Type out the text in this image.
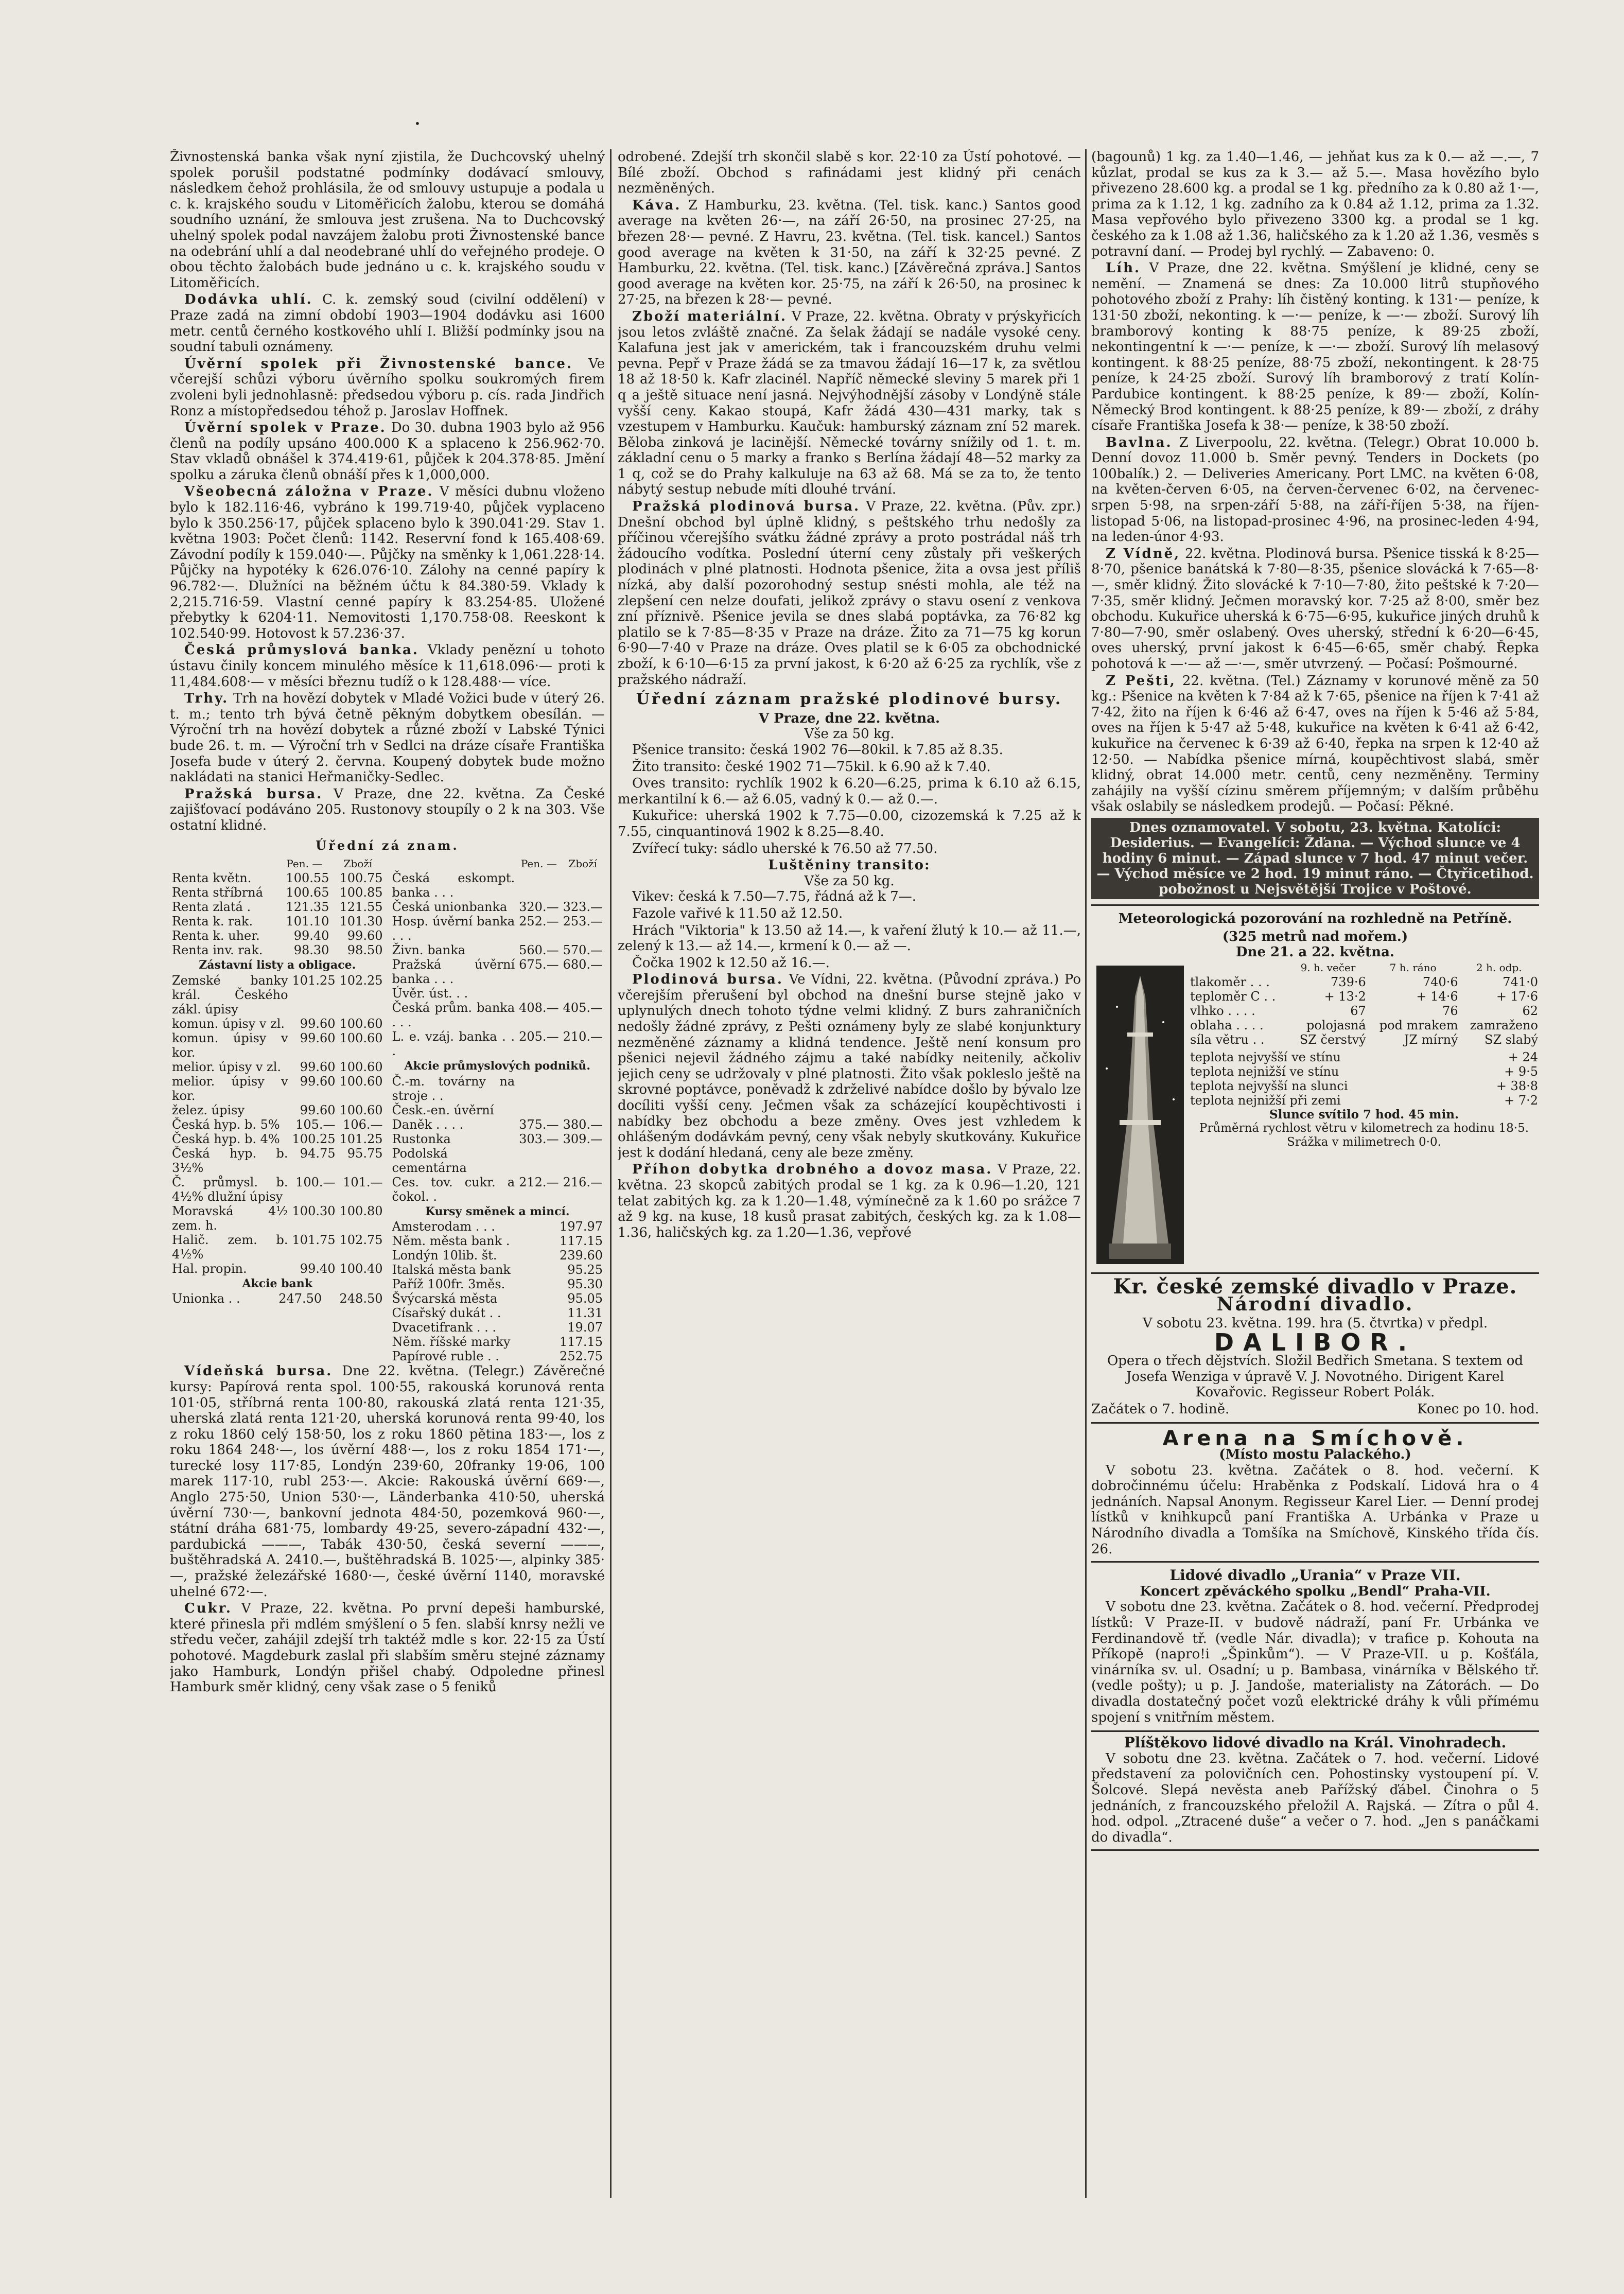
•

Živnostenská banka však nyní zjistila, že Duchcovský uhelný spolek porušil podstatné podmínky dodávací smlouvy, následkem čehož prohlásila, že od smlouvy ustupuje a podala u c. k. krajského soudu v Litoměřicích žalobu, kterou se domáhá soudního uznání, že smlouva jest zrušena. Na to Duchcovský uhelný spolek podal navzájem žalobu proti Živnostenské bance na odebrání uhlí a dal neodebrané uhlí do veřejného prodeje. O obou těchto žalobách bude jednáno u c. k. krajského soudu v Litoměřicích.

Dodávka uhlí. C. k. zemský soud (civilní oddělení) v Praze zadá na zimní období 1903—1904 dodávku asi 1600 metr. centů černého kostkového uhlí I. Bližší podmínky jsou na soudní tabuli oznámeny.

Úvěrní spolek při Živnostenské bance. Ve včerejší schůzi výboru úvěrního spolku soukromých firem zvoleni byli jednohlasně: předsedou výboru p. cís. rada Jindřich Ronz a místopředsedou téhož p. Jaroslav Hoffnek.

Úvěrní spolek v Praze. Do 30. dubna 1903 bylo až 956 členů na podíly upsáno 400.000 K a splaceno k 256.962·70. Stav vkladů obnášel k 374.419·61, půjček k 204.378·85. Jmění spolku a záruka členů obnáší přes k 1,000,000.

Všeobecná záložna v Praze. V měsíci dubnu vloženo bylo k 182.116·46, vybráno k 199.719·40, půjček vyplaceno bylo k 350.256·17, půjček splaceno bylo k 390.041·29. Stav 1. května 1903: Počet členů: 1142. Reservní fond k 165.408·69. Závodní podíly k 159.040·—. Půjčky na směnky k 1,061.228·14. Půjčky na hypotéky k 626.076·10. Zálohy na cenné papíry k 96.782·—. Dlužníci na běžném účtu k 84.380·59. Vklady k 2,215.716·59. Vlastní cenné papíry k 83.254·85. Uložené přebytky k 6204·11. Nemovitosti 1,170.758·08. Reeskont k 102.540·99. Hotovost k 57.236·37.

Česká průmyslová banka. Vklady penězní u tohoto ústavu činily koncem minulého měsíce k 11,618.096·— proti k 11,484.608·— v měsíci březnu tudíž o k 128.488·— více.

Trhy. Trh na hovězí dobytek v Mladé Vožici bude v úterý 26. t. m.; tento trh bývá četně pěkným dobytkem obesílán. — Výroční trh na hovězí dobytek a různé zboží v Labské Týnici bude 26. t. m. — Výroční trh v Sedlci na dráze císaře Františka Josefa bude v úterý 2. června. Koupený dobytek bude možno nakládati na stanici Heřmaničky-Sedlec.

Pražská bursa. V Praze, dne 22. května. Za České zajišťovací podáváno 205. Rustonovy stoupíly o 2 k na 303. Vše ostatní klidné.

Úřední zá znam.
	Pen. —	Zboží
Renta květn.	100.55	100.75
Renta stříbrná	100.65	100.85
Renta zlatá .	121.35	121.55
Renta k. rak.	101.10	101.30
Renta k. uher.	99.40	99.60
Renta inv. rak.	98.30	98.50
Zástavní listy a obligace.
Zemské banky král. Českého zákl. úpisy	101.25	102.25
komun. úpisy v zl.	99.60	100.60
komun. úpisy v kor.	99.60	100.60
melior. úpisy v zl.	99.60	100.60
melior. úpisy v kor.	99.60	100.60
želez. úpisy	99.60	100.60
Česká hyp. b. 5%	105.—	106.—
Česká hyp. b. 4%	100.25	101.25
Česká hyp. b. 3½%	94.75	95.75
Č. průmysl. b. 4½% dlužní úpisy	100.—	101.—
Moravská 4½ zem. h.	100.30	100.80
Halič. zem. b. 4½%	101.75	102.75
Hal. propin.	99.40	100.40
Akcie bank
Unionka . .	247.50	248.50
	Pen. —	Zboží
Česká eskompt. banka . . .		
Česká unionbanka	320.—	323.—
Hosp. úvěrní banka . . .	252.—	253.—
Živn. banka	560.—	570.—
Pražská úvěrní banka . . .	675.—	680.—
Úvěr. úst. . .		
Česká prům. banka . . .	408.—	405.—
L. e. vzáj. banka . . .	205.—	210.—
Akcie průmyslových podniků.
Č.-m. továrny na stroje . .		
Česk.-en. úvěrní		
Daněk . . . .	375.—	380.—
Rustonka	303.—	309.—
Podolská cementárna		
Ces. tov. cukr. a čokol. .	212.—	216.—
Kursy směnek a mincí.
Amsterodam . . .	197.97
Něm. města bank .	117.15
Londýn 10lib. št.	239.60
Italská města bank	95.25
Paříž 100fr. 3měs.	95.30
Švýcarská města	95.05
Císařský dukát . .	11.31
Dvacetifrank . . .	19.07
Něm. říšské marky	117.15
Papírové ruble . .	252.75

Vídeňská bursa. Dne 22. května. (Telegr.) Závěrečné kursy: Papírová renta spol. 100·55, rakouská korunová renta 101·05, stříbrná renta 100·80, rakouská zlatá renta 121·35, uherská zlatá renta 121·20, uherská korunová renta 99·40, los z roku 1860 celý 158·50, los z roku 1860 pětina 183·—, los z roku 1864 248·—, los úvěrní 488·—, los z roku 1854 171·—, turecké losy 117·85, Londýn 239·60, 20franky 19·06, 100 marek 117·10, rubl 253·—. Akcie: Rakouská úvěrní 669·—, Anglo 275·50, Union 530·—, Länderbanka 410·50, uherská úvěrní 730·—, bankovní jednota 484·50, pozemková 960·—, státní dráha 681·75, lombardy 49·25, severo-západní 432·—, pardubická ———, Tabák 430·50, česká severní ———, buštěhradská A. 2410.—, buštěhradská B. 1025·—, alpinky 385·—, pražské železářské 1680·—, české úvěrní 1140, moravské uhelné 672·—.

Cukr. V Praze, 22. května. Po první depeši hamburské, které přinesla při mdlém smýšlení o 5 fen. slabší knrsy nežli ve středu večer, zahájil zdejší trh taktéž mdle s kor. 22·15 za Ústí pohotové. Magdeburk zaslal při slabším směru stejné záznamy jako Hamburk, Londýn přišel chabý. Odpoledne přinesl Hamburk směr klidný, ceny však zase o 5 feniků

odrobené. Zdejší trh skončil slabě s kor. 22·10 za Ústí pohotové. — Bílé zboží. Obchod s rafinádami jest klidný při cenách nezměněných.

Káva. Z Hamburku, 23. května. (Tel. tisk. kanc.) Santos good average na květen 26·—, na září 26·50, na prosinec 27·25, na březen 28·— pevné. Z Havru, 23. května. (Tel. tisk. kancel.) Santos good average na květen k 31·50, na září k 32·25 pevné. Z Hamburku, 22. května. (Tel. tisk. kanc.) [Závěrečná zpráva.] Santos good average na květen kor. 25·75, na září k 26·50, na prosinec k 27·25, na březen k 28·— pevné.

Zboží materiální. V Praze, 22. května. Obraty v prýskyřicích jsou letos zvláště značné. Za šelak žádají se nadále vysoké ceny. Kalafuna jest jak v americkém, tak i francouzském druhu velmi pevna. Pepř v Praze žádá se za tmavou žádají 16—17 k, za světlou 18 až 18·50 k. Kafr zlacinél. Napříč německé sleviny 5 marek při 1 q a ještě situace není jasná. Nejvýhodnější zásoby v Londýně stále vyšší ceny. Kakao stoupá, Kafr žádá 430—431 marky, tak s vzestupem v Hamburku. Kaučuk: hamburský záznam zní 52 marek. Běloba zinková je lacinější. Německé továrny snížily od 1. t. m. základní cenu o 5 marky a franko s Berlína žádají 48—52 marky za 1 q, což se do Prahy kalkuluje na 63 až 68. Má se za to, že tento nábytý sestup nebude míti dlouhé trvání.

Pražská plodinová bursa. V Praze, 22. května. (Pův. zpr.) Dnešní obchod byl úplně klidný, s peštského trhu nedošly za příčinou včerejšího svátku žádné zprávy a proto postrádal náš trh žádoucího vodítka. Poslední úterní ceny zůstaly při veškerých plodinách v plné platnosti. Hodnota pšenice, žita a ovsa jest příliš nízká, aby další pozorohodný sestup snésti mohla, ale též na zlepšení cen nelze doufati, jelikož zprávy o stavu osení z venkova zní příznivě. Pšenice jevila se dnes slabá poptávka, za 76·82 kg platilo se k 7·85—8·35 v Praze na dráze. Žito za 71—75 kg korun 6·90—7·40 v Praze na dráze. Oves platil se k 6·05 za obchodnické zboží, k 6·10—6·15 za první jakost, k 6·20 až 6·25 za rychlík, vše z pražského nádraží.

Úřední záznam pražské plodinové bursy.
V Praze, dne 22. května.
Vše za 50 kg.

Pšenice transito: česká 1902 76—80kil. k 7.85 až 8.35.

Žito transito: české 1902 71—75kil. k 6.90 až k 7.40.

Oves transito: rychlík 1902 k 6.20—6.25, prima k 6.10 až 6.15, merkantilní k 6.— až 6.05, vadný k 0.— až 0.—.

Kukuřice: uherská 1902 k 7.75—0.00, cizozemská k 7.25 až k 7.55, cinquantinová 1902 k 8.25—8.40.

Zvířecí tuky: sádlo uherské k 76.50 až 77.50.

Luštěniny transito:
Vše za 50 kg.

Vikev: česká k 7.50—7.75, řádná až k 7—.

Fazole vařivé k 11.50 až 12.50.

Hrách "Viktoria" k 13.50 až 14.—, k vaření žlutý k 10.— až 11.—, zelený k 13.— až 14.—, krmení k 0.— až —.

Čočka 1902 k 12.50 až 16.—.

Plodinová bursa. Ve Vídni, 22. května. (Původní zpráva.) Po včerejším přerušení byl obchod na dnešní burse stejně jako v uplynulých dnech tohoto týdne velmi klidný. Z burs zahraničních nedošly žádné zprávy, z Pešti oznámeny byly ze slabé konjunktury nezměněné záznamy a klidná tendence. Ještě není konsum pro pšenici nejevil žádného zájmu a také nabídky neitenily, ačkoliv jejich ceny se udržovaly v plné platnosti. Žito však pokleslo ještě na skrovné poptávce, poněvadž k zdrželivé nabídce došlo by bývalo lze docíliti vyšší ceny. Ječmen však za scházející koupěchtivosti i nabídky bez obchodu a beze změny. Oves jest vzhledem k ohlášeným dodávkám pevný, ceny však nebyly skutkovány. Kukuřice jest k dodání hledaná, ceny ale beze změny.

Příhon dobytka drobného a dovoz masa. V Praze, 22. května. 23 skopců zabitých prodal se 1 kg. za k 0.96—1.20, 121 telat zabitých kg. za k 1.20—1.48, výmínečně za k 1.60 po srážce 7 až 9 kg. na kuse, 18 kusů prasat zabitých, českých kg. za k 1.08—1.36, haličských kg. za 1.20—1.36, vepřové

(bagounů) 1 kg. za 1.40—1.46, — jehňat kus za k 0.— až —.—, 7 kůzlat, prodal se kus za k 3.— až 5.—. Masa hovězího bylo přivezeno 28.600 kg. a prodal se 1 kg. předního za k 0.80 až 1·—, prima za k 1.12, 1 kg. zadního za k 0.84 až 1.12, prima za 1.32. Masa vepřového bylo přivezeno 3300 kg. a prodal se 1 kg. českého za k 1.08 až 1.36, haličského za k 1.20 až 1.36, vesměs s potravní daní. — Prodej byl rychlý. — Zabaveno: 0.

Líh. V Praze, dne 22. května. Smýšlení je klidné, ceny se nemění. — Znamená se dnes: Za 10.000 litrů stupňového pohotového zboží z Prahy: líh čistěný konting. k 131·— peníze, k 131·50 zboží, nekonting. k —·— peníze, k —·— zboží. Surový líh bramborový konting k 88·75 peníze, k 89·25 zboží, nekontingentní k —·— peníze, k —·— zboží. Surový líh melasový kontingent. k 88·25 peníze, 88·75 zboží, nekontingent. k 28·75 peníze, k 24·25 zboží. Surový líh bramborový z tratí Kolín-Pardubice kontingent. k 88·25 peníze, k 89·— zboží, Kolín-Německý Brod kontingent. k 88·25 peníze, k 89·— zboží, z dráhy císaře Františka Josefa k 38·— peníze, k 38·50 zboží.

Bavlna. Z Liverpoolu, 22. května. (Telegr.) Obrat 10.000 b. Denní dovoz 11.000 b. Směr pevný. Tenders in Dockets (po 100balík.) 2. — Deliveries Americany. Port LMC. na květen 6·08, na květen-červen 6·05, na červen-červenec 6·02, na červenec-srpen 5·98, na srpen-září 5·88, na září-říjen 5·38, na říjen-listopad 5·06, na listopad-prosinec 4·96, na prosinec-leden 4·94, na leden-únor 4·93.

Z Vídně, 22. května. Plodinová bursa. Pšenice tisská k 8·25—8·70, pšenice banátská k 7·80—8·35, pšenice slovácká k 7·65—8·—, směr klidný. Žito slovácké k 7·10—7·80, žito peštské k 7·20—7·35, směr klidný. Ječmen moravský kor. 7·25 až 8·00, směr bez obchodu. Kukuřice uherská k 6·75—6·95, kukuřice jiných druhů k 7·80—7·90, směr oslabený. Oves uherský, střední k 6·20—6·45, oves uherský, první jakost k 6·45—6·65, směr chabý. Řepka pohotová k —·— až —·—, směr utvrzený. — Počasí: Pošmourné.

Z Pešti, 22. května. (Tel.) Záznamy v korunové měně za 50 kg.: Pšenice na květen k 7·84 až k 7·65, pšenice na říjen k 7·41 až 7·42, žito na říjen k 6·46 až 6·47, oves na říjen k 5·46 až 5·84, oves na říjen k 5·47 až 5·48, kukuřice na květen k 6·41 až 6·42, kukuřice na červenec k 6·39 až 6·40, řepka na srpen k 12·40 až 12·50. — Nabídka pšenice mírná, koupěchtivost slabá, směr klidný, obrat 14.000 metr. centů, ceny nezměněny. Terminy zahájily na vyšší cízinu směrem příjemným; v dalším průběhu však oslabily se následkem prodejů. — Počasí: Pěkné.

Dnes oznamovatel. V sobotu, 23. května. Katolíci: Desiderius. — Evangelíci: Žďana. — Východ slunce ve 4 hodiny 6 minut. — Západ slunce v 7 hod. 47 minut večer. — Východ měsíce ve 2 hod. 19 minut ráno. — Čtyřicetihod. pobožnost u Nejsvětější Trojice v Poštové.
Meteorologická pozorování na rozhledně na Petříně.
(325 metrů nad mořem.)
Dne 21. a 22. května.
	9. h. večer	7 h. ráno	2 h. odp.
tlakoměr . . .	739·6	740·6	741·0
teploměr C . .	+ 13·2	+ 14·6	+ 17·6
vlhko . . . .	67	76	62
oblaha . . . .	polojasná	pod mrakem	zamraženo
síla větru . .	SZ čerstvý	JZ mírný	SZ slabý
teplota nejvyšší ve stínu	+ 24
teplota nejnižší ve stínu	+ 9·5
teplota nejvyšší na slunci	+ 38·8
teplota nejnižší při zemi	+ 7·2
Slunce svítilo 7 hod. 45 min.
Průměrná rychlost větru v kilometrech za hodinu 18·5.
Srážka v milimetrech 0·0.
Kr. české zemské divadlo v Praze.
Národní divadlo.
V sobotu 23. května. 199. hra (5. čtvrtka) v předpl.
DALIBOR.

Opera o třech dějstvích. Složil Bedřich Smetana. S textem od Josefa Wenziga v úpravě V. J. Novotného. Dirigent Karel Kovařovic. Regisseur Robert Polák.

Začátek o 7. hodině.	Konec po 10. hod.
Arena na Smíchově.
(Místo mostu Palackého.)

V sobotu 23. května. Začátek o 8. hod. večerní. K dobročinnému účelu: Hraběnka z Podskalí. Lidová hra o 4 jednáních. Napsal Anonym. Regisseur Karel Lier. — Denní prodej lístků v knihkupců paní Františka A. Urbánka v Praze u Národního divadla a Tomšíka na Smíchově, Kinského třída čís. 26.

Lidové divadlo „Urania“ v Praze VII.
Koncert zpěváckého spolku „Bendl“ Praha-VII.

V sobotu dne 23. května. Začátek o 8. hod. večerní. Předprodej lístků: V Praze-II. v budově nádraží, paní Fr. Urbánka ve Ferdinandově tř. (vedle Nár. divadla); v trafice p. Kohouta na Příkopě (napro!i „Špinkům“). — V Praze-VII. u p. Košťála, vinárníka sv. ul. Osadní; u p. Bambasa, vinárníka v Bělského tř. (vedle pošty); u p. J. Jandoše, materialisty na Zátorách. — Do divadla dostatečný počet vozů elektrické dráhy k vůli přímému spojení s vnitřním městem.

Plíštěkovo lidové divadlo na Král. Vinohradech.

V sobotu dne 23. května. Začátek o 7. hod. večerní. Lidové představení za polovičních cen. Pohostinsky vystoupení pí. V. Šolcové. Slepá nevěsta aneb Pařížský ďábel. Činohra o 5 jednáních, z francouzského přeložil A. Rajská. — Zítra o půl 4. hod. odpol. „Ztracené duše“ a večer o 7. hod. „Jen s panáčkami do divadla“.
